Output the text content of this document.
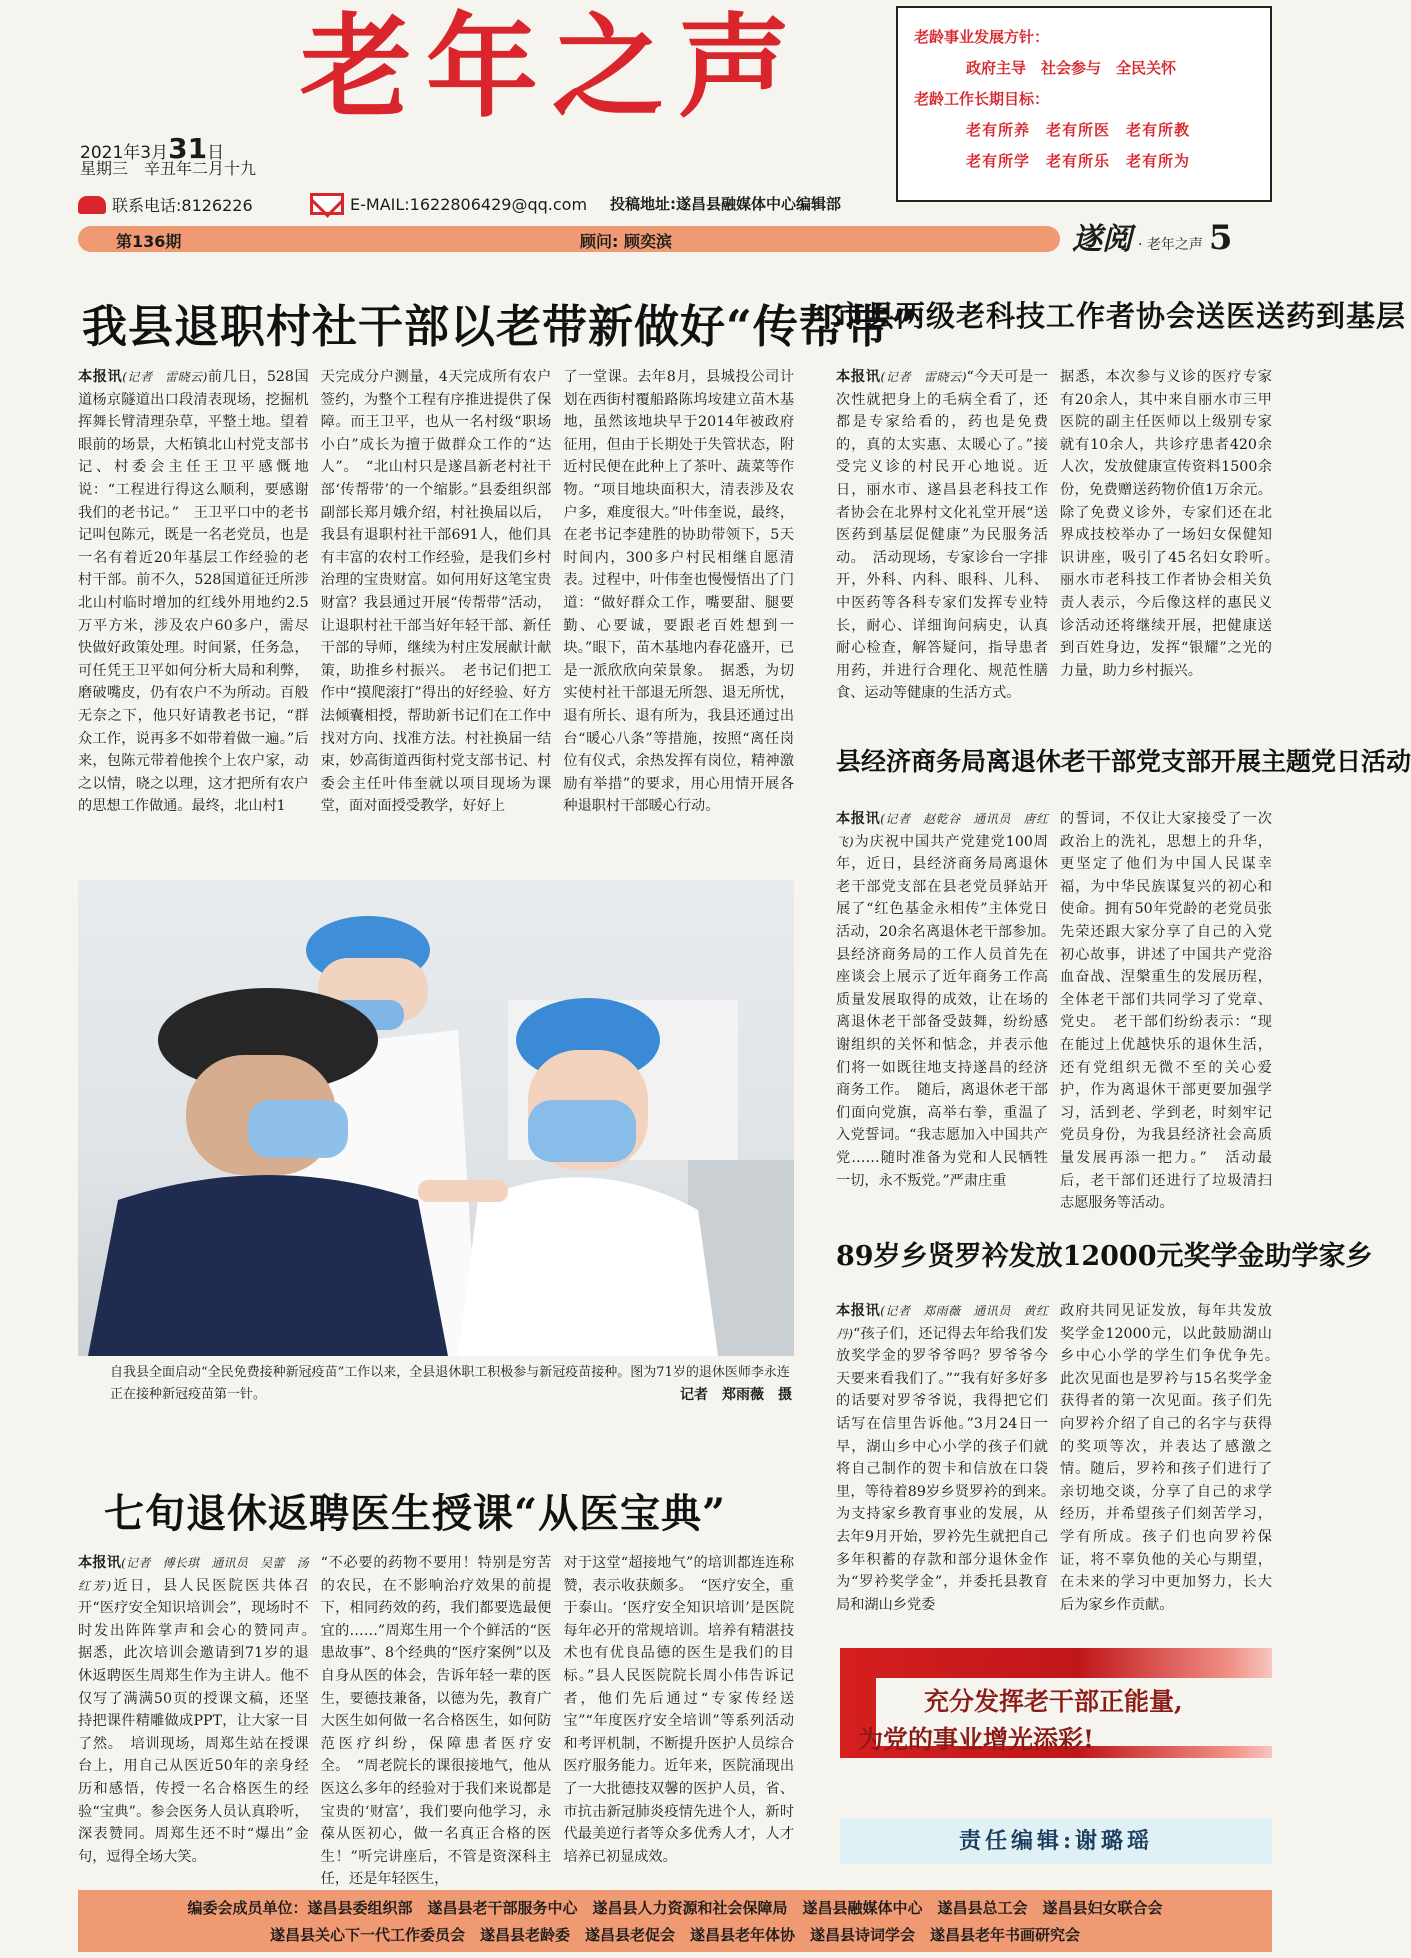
老年之声
2021年3月31日
星期三　辛丑年二月十九
联系电话:8126226	E-MAIL:1622806429@qq.com 投稿地址:遂昌县融媒体中心编辑部
老龄事业发展方针：
政府主导　社会参与　全民关怀
老龄工作长期目标：
老有所养　老有所医　老有所教
老有所学　老有所乐　老有所为
第136期	顾问: 顾奕滨	遂阅 · 老年之声 5
我县退职村社干部以老带新做好“传帮带”

本报讯(记者　雷晓云)前几日，528国道杨京隧道出口段清表现场，挖掘机挥舞长臂清理杂草，平整土地。望着眼前的场景，大柘镇北山村党支部书记、村委会主任王卫平感慨地说：“工程进行得这么顺利，要感谢我们的老书记。”　王卫平口中的老书记叫包陈元，既是一名老党员，也是一名有着近20年基层工作经验的老村干部。前不久，528国道征迁所涉北山村临时增加的红线外用地约2.5万平方米，涉及农户60多户，需尽快做好政策处理。时间紧，任务急，可任凭王卫平如何分析大局和利弊，磨破嘴皮，仍有农户不为所动。百般无奈之下，他只好请教老书记，“群众工作，说再多不如带着做一遍。”后来，包陈元带着他挨个上农户家，动之以情，晓之以理，这才把所有农户的思想工作做通。最终，北山村1

天完成分户测量，4天完成所有农户签约，为整个工程有序推进提供了保障。而王卫平，也从一名村级“职场小白”成长为擅于做群众工作的“达人”。　“北山村只是遂昌新老村社干部‘传帮带’的一个缩影。”县委组织部副部长郑月娥介绍，村社换届以后，我县有退职村社干部691人，他们具有丰富的农村工作经验，是我们乡村治理的宝贵财富。如何用好这笔宝贵财富？我县通过开展“传帮带”活动，让退职村社干部当好年轻干部、新任干部的导师，继续为村庄发展献计献策，助推乡村振兴。　老书记们把工作中“摸爬滚打”得出的好经验、好方法倾囊相授，帮助新书记们在工作中找对方向、找准方法。村社换届一结束，妙高街道西街村党支部书记、村委会主任叶伟奎就以项目现场为课堂，面对面授受教学，好好上

了一堂课。去年8月，县城投公司计划在西街村覆船路陈坞垵建立苗木基地，虽然该地块早于2014年被政府征用，但由于长期处于失管状态，附近村民便在此种上了茶叶、蔬菜等作物。“项目地块面积大，清表涉及农户多，难度很大。”叶伟奎说，最终，在老书记李建胜的协助带领下，5天时间内，300多户村民相继自愿清表。过程中，叶伟奎也慢慢悟出了门道：“做好群众工作，嘴要甜、腿要勤、心要诚，要跟老百姓想到一块。”眼下，苗木基地内春花盛开，已是一派欣欣向荣景象。　据悉，为切实使村社干部退无所怨、退无所忧，退有所长、退有所为，我县还通过出台“暖心八条”等措施，按照“离任岗位有仪式，余热发挥有岗位，精神激励有举措”的要求，用心用情开展各种退职村干部暖心行动。

自我县全面启动“全民免费接种新冠疫苗”工作以来，全县退休职工积极参与新冠疫苗接种。图为71岁的退休医师李永连正在接种新冠疫苗第一针。	记者　郑雨薇　摄
七旬退休返聘医生授课“从医宝典”

本报讯(记者　傅长琪　通讯员　吴蕾　汤红芳)近日，县人民医院医共体召开“医疗安全知识培训会”，现场时不时发出阵阵掌声和会心的赞同声。　据悉，此次培训会邀请到71岁的退休返聘医生周郑生作为主讲人。他不仅写了满满50页的授课文稿，还坚持把课件精雕做成PPT，让大家一目了然。　培训现场，周郑生站在授课台上，用自己从医近50年的亲身经历和感悟，传授一名合格医生的经验“宝典”。参会医务人员认真聆听，深表赞同。周郑生还不时“爆出”金句，逗得全场大笑。

“不必要的药物不要用！特别是穷苦的农民，在不影响治疗效果的前提下，相同药效的药，我们都要选最便宜的……”周郑生用一个个鲜活的“医患故事”、8个经典的“医疗案例”以及自身从医的体会，告诉年轻一辈的医生，要德技兼备，以德为先，教育广大医生如何做一名合格医生，如何防范医疗纠纷，保障患者医疗安全。　“周老院长的课很接地气，他从医这么多年的经验对于我们来说都是宝贵的‘财富’，我们要向他学习，永葆从医初心，做一名真正合格的医生！”听完讲座后，不管是资深科主任，还是年轻医生，

对于这堂“超接地气”的培训都连连称赞，表示收获颇多。　“医疗安全，重于泰山。‘医疗安全知识培训’是医院每年必开的常规培训。培养有精湛技术也有优良品德的医生是我们的目标。”县人民医院院长周小伟告诉记者，他们先后通过“专家传经送宝”“年度医疗安全培训”等系列活动和考评机制，不断提升医护人员综合医疗服务能力。近年来，医院涌现出了一大批德技双馨的医护人员，省、市抗击新冠肺炎疫情先进个人，新时代最美逆行者等众多优秀人才，人才培养已初显成效。

市县两级老科技工作者协会送医送药到基层

本报讯(记者　雷晓云)“今天可是一次性就把身上的毛病全看了，还都是专家给看的，药也是免费的，真的太实惠、太暖心了。”接受完义诊的村民开心地说。近日，丽水市、遂昌县老科技工作者协会在北界村文化礼堂开展“送医药到基层促健康”为民服务活动。　活动现场，专家诊台一字排开，外科、内科、眼科、儿科、中医药等各科专家们发挥专业特长，耐心、详细询问病史，认真耐心检查，解答疑问，指导患者用药，并进行合理化、规范性膳食、运动等健康的生活方式。

据悉，本次参与义诊的医疗专家有20余人，其中来自丽水市三甲医院的副主任医师以上级别专家就有10余人，共诊疗患者420余人次，发放健康宣传资料1500余份，免费赠送药物价值1万余元。除了免费义诊外，专家们还在北界成技校举办了一场妇女保健知识讲座，吸引了45名妇女聆听。　丽水市老科技工作者协会相关负责人表示，今后像这样的惠民义诊活动还将继续开展，把健康送到百姓身边，发挥“银耀”之光的力量，助力乡村振兴。

县经济商务局离退休老干部党支部开展主题党日活动

本报讯(记者　赵乾谷　通讯员　唐红飞)为庆祝中国共产党建党100周年，近日，县经济商务局离退休老干部党支部在县老党员驿站开展了“红色基金永相传”主体党日活动，20余名离退休老干部参加。　县经济商务局的工作人员首先在座谈会上展示了近年商务工作高质量发展取得的成效，让在场的离退休老干部备受鼓舞，纷纷感谢组织的关怀和惦念，并表示他们将一如既往地支持遂昌的经济商务工作。　随后，离退休老干部们面向党旗，高举右拳，重温了入党誓词。“我志愿加入中国共产党……随时准备为党和人民牺牲一切，永不叛党。”严肃庄重

的誓词，不仅让大家接受了一次政治上的洗礼，思想上的升华，更坚定了他们为中国人民谋幸福，为中华民族谋复兴的初心和使命。拥有50年党龄的老党员张先荣还跟大家分享了自己的入党初心故事，讲述了中国共产党浴血奋战、涅槃重生的发展历程，全体老干部们共同学习了党章、党史。　老干部们纷纷表示：“现在能过上优越快乐的退休生活，还有党组织无微不至的关心爱护，作为离退休干部更要加强学习，活到老、学到老，时刻牢记党员身份，为我县经济社会高质量发展再添一把力。”　活动最后，老干部们还进行了垃圾清扫志愿服务等活动。

89岁乡贤罗衿发放12000元奖学金助学家乡

本报讯(记者　郑雨薇　通讯员　黄红丹)“孩子们，还记得去年给我们发放奖学金的罗爷爷吗？罗爷爷今天要来看我们了。”“我有好多好多的话要对罗爷爷说，我得把它们话写在信里告诉他。”3月24日一早，湖山乡中心小学的孩子们就将自己制作的贺卡和信放在口袋里，等待着89岁乡贤罗衿的到来。　为支持家乡教育事业的发展，从去年9月开始，罗衿先生就把自己多年积蓄的存款和部分退休金作为“罗衿奖学金”，并委托县教育局和湖山乡党委

政府共同见证发放，每年共发放奖学金12000元，以此鼓励湖山乡中心小学的学生们争优争先。　此次见面也是罗衿与15名奖学金获得者的第一次见面。孩子们先向罗衿介绍了自己的名字与获得的奖项等次，并表达了感激之情。随后，罗衿和孩子们进行了亲切地交谈，分享了自己的求学经历，并希望孩子们刻苦学习，学有所成。孩子们也向罗衿保证，将不辜负他的关心与期望，在未来的学习中更加努力，长大后为家乡作贡献。

充分发挥老干部正能量,
为党的事业增光添彩!
责任编辑:谢璐瑶
编委会成员单位：遂昌县委组织部　遂昌县老干部服务中心　遂昌县人力资源和社会保障局　遂昌县融媒体中心　遂昌县总工会　遂昌县妇女联合会
遂昌县关心下一代工作委员会　遂昌县老龄委　遂昌县老促会　遂昌县老年体协　遂昌县诗词学会　遂昌县老年书画研究会
